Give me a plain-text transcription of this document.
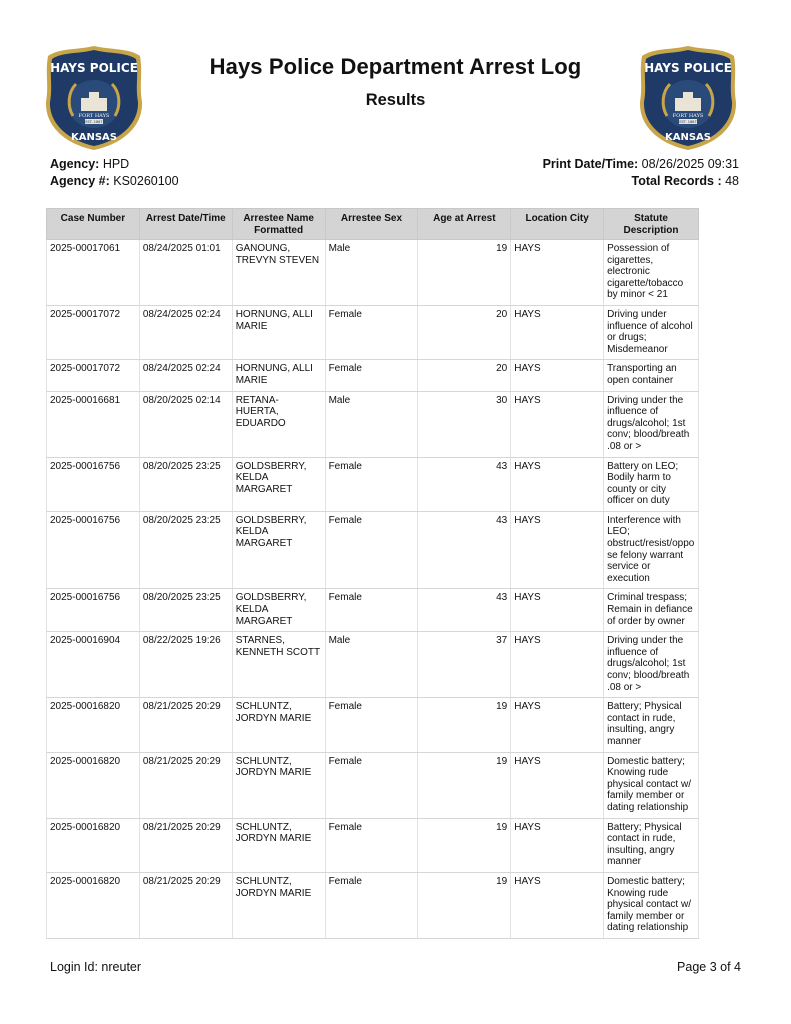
HAYS POLICE
FORT HAYS
EST. 1867
KANSAS
Hays Police Department Arrest Log
Results
HAYS POLICE
FORT HAYS
EST. 1867
KANSAS
Agency: HPD
Agency #: KS0260100
Print Date/Time: 08/26/2025 09:31
Total Records : 48
Case Number	Arrest Date/Time	Arrestee Name Formatted	Arrestee Sex	Age at Arrest	Location City	Statute Description
2025-00017061	08/24/2025 01:01	GANOUNG, TREVYN STEVEN	Male	19	HAYS	Possession of cigarettes, electronic cigarette/tobacco by minor < 21
2025-00017072	08/24/2025 02:24	HORNUNG, ALLI MARIE	Female	20	HAYS	Driving under influence of alcohol or drugs; Misdemeanor
2025-00017072	08/24/2025 02:24	HORNUNG, ALLI MARIE	Female	20	HAYS	Transporting an open container
2025-00016681	08/20/2025 02:14	RETANA-HUERTA, EDUARDO	Male	30	HAYS	Driving under the influence of drugs/alcohol; 1st conv; blood/breath .08 or >
2025-00016756	08/20/2025 23:25	GOLDSBERRY, KELDA MARGARET	Female	43	HAYS	Battery on LEO; Bodily harm to county or city officer on duty
2025-00016756	08/20/2025 23:25	GOLDSBERRY, KELDA MARGARET	Female	43	HAYS	Interference with LEO; obstruct/resist/oppose felony warrant service or execution
2025-00016756	08/20/2025 23:25	GOLDSBERRY, KELDA MARGARET	Female	43	HAYS	Criminal trespass; Remain in defiance of order by owner
2025-00016904	08/22/2025 19:26	STARNES, KENNETH SCOTT	Male	37	HAYS	Driving under the influence of drugs/alcohol; 1st conv; blood/breath .08 or >
2025-00016820	08/21/2025 20:29	SCHLUNTZ, JORDYN MARIE	Female	19	HAYS	Battery; Physical contact in rude, insulting, angry manner
2025-00016820	08/21/2025 20:29	SCHLUNTZ, JORDYN MARIE	Female	19	HAYS	Domestic battery; Knowing rude physical contact w/ family member or dating relationship
2025-00016820	08/21/2025 20:29	SCHLUNTZ, JORDYN MARIE	Female	19	HAYS	Battery; Physical contact in rude, insulting, angry manner
2025-00016820	08/21/2025 20:29	SCHLUNTZ, JORDYN MARIE	Female	19	HAYS	Domestic battery; Knowing rude physical contact w/ family member or dating relationship
Login Id: nreuter	Page 3 of 4
